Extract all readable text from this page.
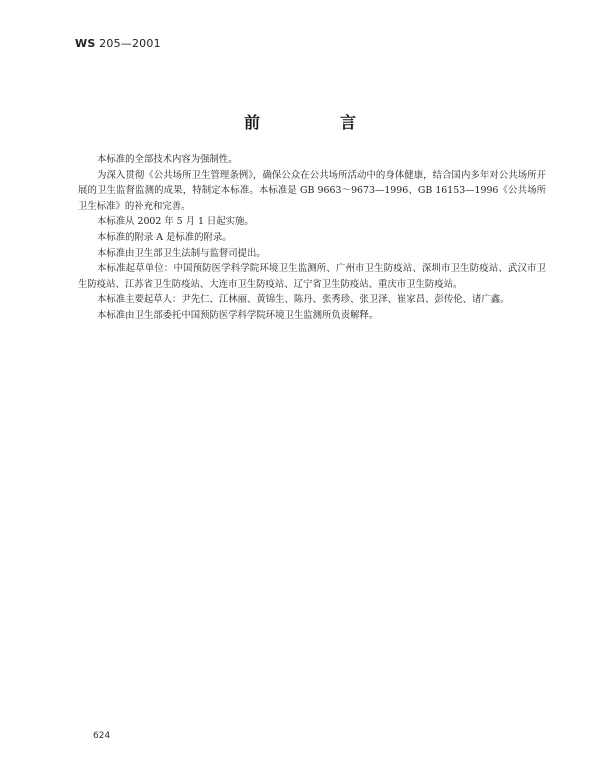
WS 205—2001
前　言

本标准的全部技术内容为强制性。

为深入贯彻《公共场所卫生管理条例》，确保公众在公共场所活动中的身体健康，结合国内多年对公共场所开展的卫生监督监测的成果，特制定本标准。本标准是 GB 9663～9673—1996、GB 16153—1996《公共场所卫生标准》的补充和完善。

本标准从 2002 年 5 月 1 日起实施。

本标准的附录 A 是标准的附录。

本标准由卫生部卫生法制与监督司提出。

本标准起草单位：中国预防医学科学院环境卫生监测所、广州市卫生防疫站、深圳市卫生防疫站、武汉市卫生防疫站、江苏省卫生防疫站、大连市卫生防疫站、辽宁省卫生防疫站、重庆市卫生防疫站。

本标准主要起草人：尹先仁、江林丽、黄锦生、陈丹、张秀珍、张卫泽、崔家昌、彭传伦、诸广鑫。

本标准由卫生部委托中国预防医学科学院环境卫生监测所负责解释。

624
